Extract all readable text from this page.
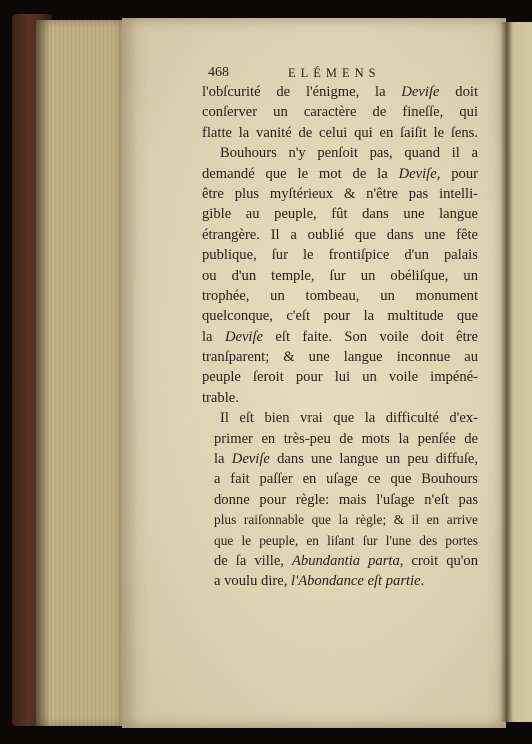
468	ELÉMENS
l'obſcurité de l'énigme, la Deviſe doit
conſerver un caractère de fineſſe, qui
flatte la vanité de celui qui en ſaiſit le ſens.
Bouhours n'y penſoit pas, quand il a
demandé que le mot de la Deviſe, pour
être plus myſtérieux & n'être pas intelli-
gible au peuple, fût dans une langue
étrangère. Il a oublié que dans une fête
publique, ſur le frontiſpice d'un palais
ou d'un temple, ſur un obéliſque, un
trophée, un tombeau, un monument
quelconque, c'eſt pour la multitude que
la Deviſe eſt faite. Son voile doit être
tranſparent; & une langue inconnue au
peuple ſeroit pour lui un voile impéné-
trable.
Il eſt bien vrai que la difficulté d'ex-
primer en très-peu de mots la penſée de
la Deviſe dans une langue un peu diffuſe,
a fait paſſer en uſage ce que Bouhours
donne pour règle: mais l'uſage n'eſt pas
plus raiſonnable que la règle; & il en arrive
que le peuple, en liſant ſur l'une des portes
de ſa ville, Abundantia parta, croit qu'on
a voulu dire, l'Abondance eſt partie.
